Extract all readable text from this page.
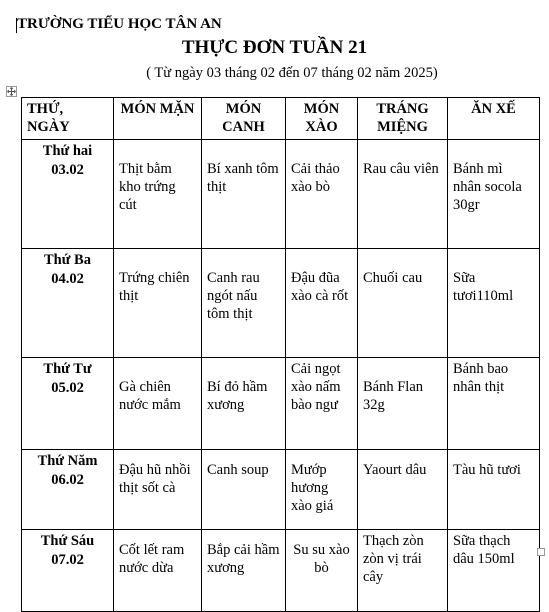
TRƯỜNG TIỂU HỌC TÂN AN
THỰC ĐƠN TUẦN 21
( Từ ngày 03 tháng 02 đến 07 tháng 02 năm 2025)
THỨ, NGÀY	MÓN MẶN	MÓN CANH	MÓN XÀO	TRÁNG MIỆNG	ĂN XẾ

Thứ hai
03.02	Thịt bằm kho trứng cút	Bí xanh tôm thịt	Cải thảo xào bò	Rau câu viên	Bánh mì nhân socola 30gr

Thứ Ba
04.02	Trứng chiên thịt	Canh rau ngót nấu tôm thịt	Đậu đũa xào cà rốt	Chuối cau	Sữa tươi110ml

Thứ Tư
05.02	Gà chiên nước mắm	Bí đỏ hầm xương	Cải ngọt xào nấm bào ngư	Bánh Flan 32g	Bánh bao nhân thịt

Thứ Năm
06.02	Đậu hũ nhồi thịt sốt cà	Canh soup	Mướp hương xào giá	Yaourt dâu	Tàu hũ tươi

Thứ Sáu
07.02	Cốt lết ram nước dừa	Bắp cải hầm xương	Su su xào bò	Thạch zòn zòn vị trái cây	Sữa thạch dâu 150ml
